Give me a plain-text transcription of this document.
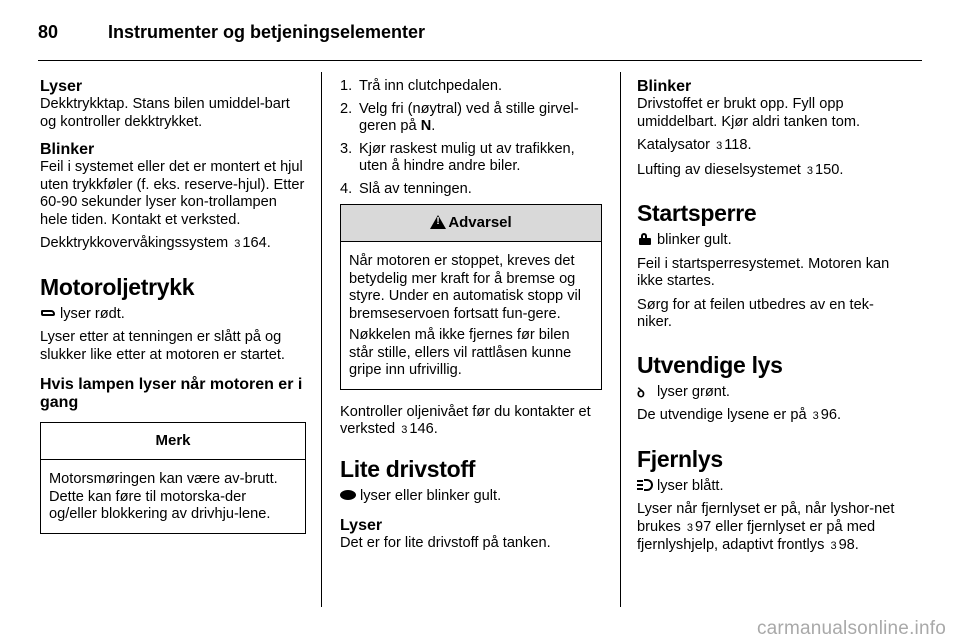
80	Instrumenter og betjeningselementer

Lyser

Dekktrykktap. Stans bilen umiddel-bart og kontroller dekktrykket.

Blinker

Feil i systemet eller det er montert et hjul uten trykkføler (f. eks. reserve-hjul). Etter 60-90 sekunder lyser kon-trollampen hele tiden. Kontakt et verksted.

Dekktrykkovervåkingssystem 3 164.

Motoroljetrykk

lyser rødt.

Lyser etter at tenningen er slått på og slukker like etter at motoren er startet.

Hvis lampen lyser når motoren er i gang

Merk
Motorsmøringen kan være av-brutt. Dette kan føre til motorska-der og/eller blokkering av drivhju-lene.
1. Trå inn clutchpedalen.
2. Velg fri (nøytral) ved å stille girvel-geren på N.
3. Kjør raskest mulig ut av trafikken, uten å hindre andre biler.
4. Slå av tenningen.
!Advarsel

Når motoren er stoppet, kreves det betydelig mer kraft for å bremse og styre. Under en automatisk stopp vil bremseservoen fortsatt fun-gere.

Nøkkelen må ikke fjernes før bilen står stille, ellers vil rattlåsen kunne gripe inn ufrivillig.

Kontroller oljenivået før du kontakter et verksted 3 146.

Lite drivstoff

lyser eller blinker gult.

Lyser

Det er for lite drivstoff på tanken.

Blinker

Drivstoffet er brukt opp. Fyll opp umiddelbart. Kjør aldri tanken tom.

Katalysator 3 118.

Lufting av dieselsystemet 3 150.

Startsperre

blinker gult.

Feil i startsperresystemet. Motoren kan ikke startes.

Sørg for at feilen utbedres av en tek-niker.

Utvendige lys

ꝺ lyser grønt.

De utvendige lysene er på 3 96.

Fjernlys

lyser blått.

Lyser når fjernlyset er på, når lyshor-net brukes 3 97 eller fjernlyset er på med fjernlyshjelp, adaptivt frontlys 3 98.

carmanualsonline.info
